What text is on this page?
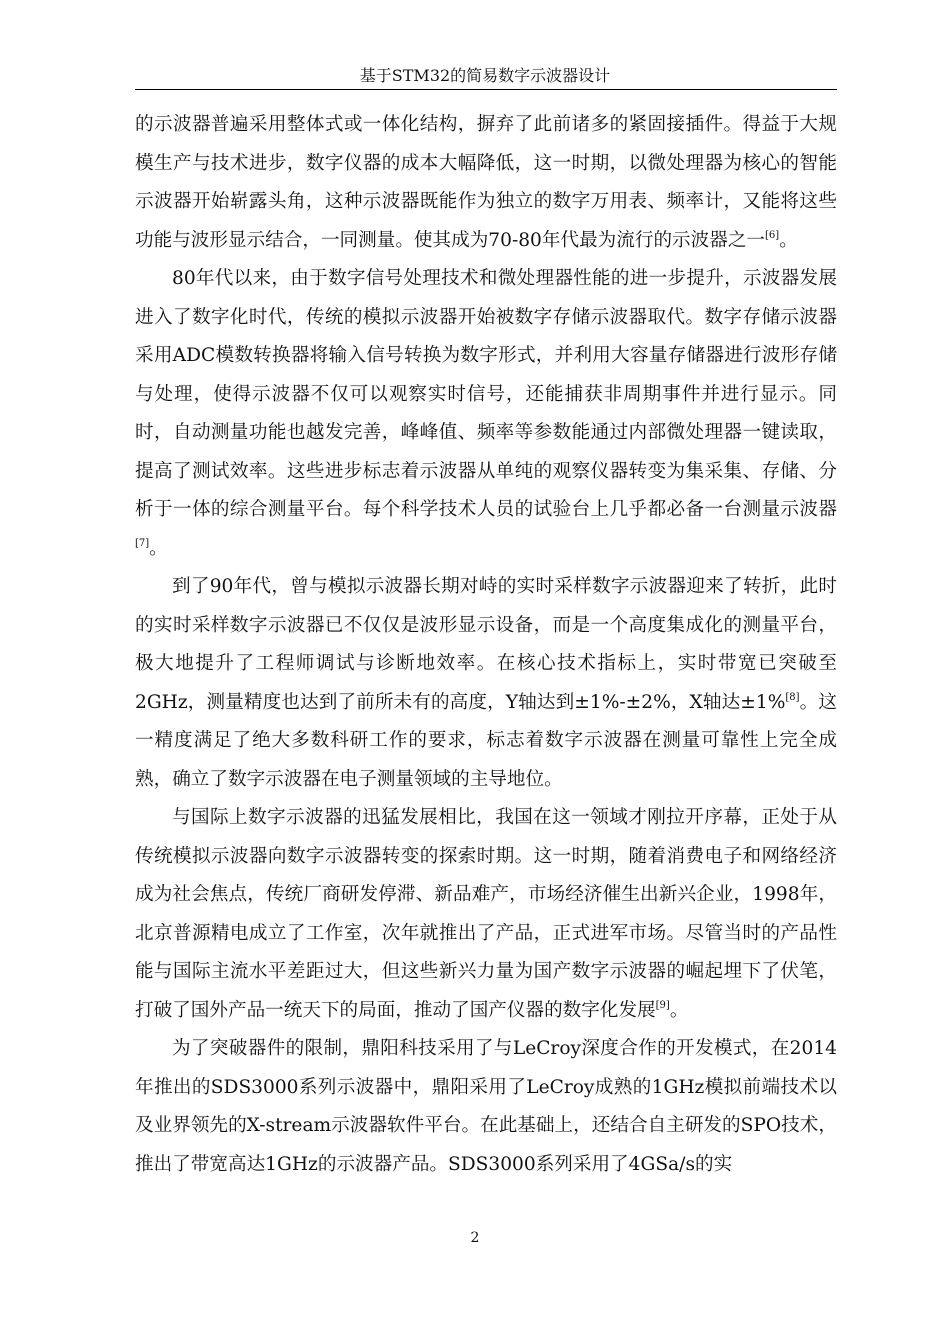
基于STM32的简易数字示波器设计

的示波器普遍采用整体式或一体化结构，摒弃了此前诸多的紧固接插件。得益于大规模生产与技术进步，数字仪器的成本大幅降低，这一时期，以微处理器为核心的智能示波器开始崭露头角，这种示波器既能作为独立的数字万用表、频率计，又能将这些功能与波形显示结合，一同测量。使其成为70-80年代最为流行的示波器之一[6]。

80年代以来，由于数字信号处理技术和微处理器性能的进一步提升，示波器发展进入了数字化时代，传统的模拟示波器开始被数字存储示波器取代。数字存储示波器采用ADC模数转换器将输入信号转换为数字形式，并利用大容量存储器进行波形存储与处理，使得示波器不仅可以观察实时信号，还能捕获非周期事件并进行显示。同时，自动测量功能也越发完善，峰峰值、频率等参数能通过内部微处理器一键读取，提高了测试效率。这些进步标志着示波器从单纯的观察仪器转变为集采集、存储、分析于一体的综合测量平台。每个科学技术人员的试验台上几乎都必备一台测量示波器[7]。

到了90年代，曾与模拟示波器长期对峙的实时采样数字示波器迎来了转折，此时的实时采样数字示波器已不仅仅是波形显示设备，而是一个高度集成化的测量平台，极大地提升了工程师调试与诊断地效率。在核心技术指标上，实时带宽已突破至2GHz，测量精度也达到了前所未有的高度，Y轴达到±1%-±2%，X轴达±1%[8]。这一精度满足了绝大多数科研工作的要求，标志着数字示波器在测量可靠性上完全成熟，确立了数字示波器在电子测量领域的主导地位。

与国际上数字示波器的迅猛发展相比，我国在这一领域才刚拉开序幕，正处于从传统模拟示波器向数字示波器转变的探索时期。这一时期，随着消费电子和网络经济成为社会焦点，传统厂商研发停滞、新品难产，市场经济催生出新兴企业，1998年，北京普源精电成立了工作室，次年就推出了产品，正式进军市场。尽管当时的产品性能与国际主流水平差距过大，但这些新兴力量为国产数字示波器的崛起埋下了伏笔，打破了国外产品一统天下的局面，推动了国产仪器的数字化发展[9]。

为了突破器件的限制，鼎阳科技采用了与LeCroy深度合作的开发模式，在2014年推出的SDS3000系列示波器中，鼎阳采用了LeCroy成熟的1GHz模拟前端技术以及业界领先的X-stream示波器软件平台。在此基础上，还结合自主研发的SPO技术，推出了带宽高达1GHz的示波器产品。SDS3000系列采用了4GSa/s的实

2
